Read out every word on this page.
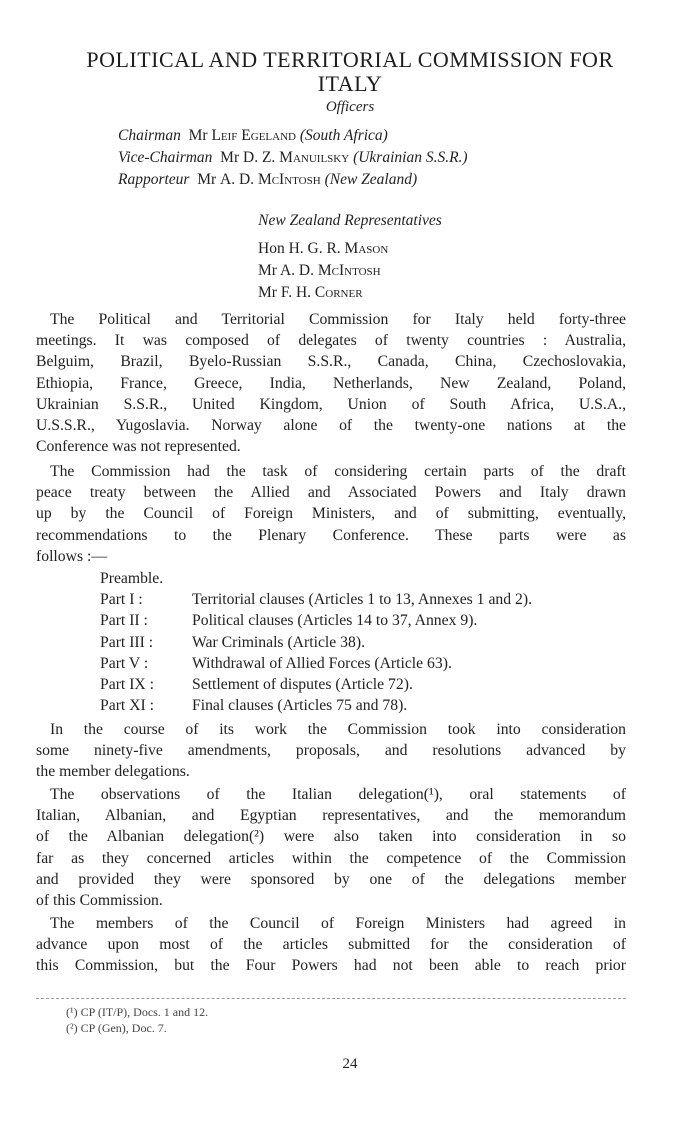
POLITICAL AND TERRITORIAL COMMISSION FOR
ITALY
Officers
Chairman Mr Leif Egeland (South Africa)
Vice-Chairman Mr D. Z. Manuilsky (Ukrainian S.S.R.)
Rapporteur Mr A. D. McIntosh (New Zealand)
New Zealand Representatives
Hon H. G. R. Mason
Mr A. D. McIntosh
Mr F. H. Corner
The Political and Territorial Commission for Italy held forty-three
meetings. It was composed of delegates of twenty countries : Australia,
Belguim, Brazil, Byelo-Russian S.S.R., Canada, China, Czechoslovakia,
Ethiopia, France, Greece, India, Netherlands, New Zealand, Poland,
Ukrainian S.S.R., United Kingdom, Union of South Africa, U.S.A.,
U.S.S.R., Yugoslavia. Norway alone of the twenty-one nations at the
Conference was not represented.
The Commission had the task of considering certain parts of the draft
peace treaty between the Allied and Associated Powers and Italy drawn
up by the Council of Foreign Ministers, and of submitting, eventually,
recommendations to the Plenary Conference. These parts were as
follows :—
Preamble.
Part I :	Territorial clauses (Articles 1 to 13, Annexes 1 and 2).
Part II :	Political clauses (Articles 14 to 37, Annex 9).
Part III : War Criminals (Article 38).
Part V :	Withdrawal of Allied Forces (Article 63).
Part IX : Settlement of disputes (Article 72).
Part XI : Final clauses (Articles 75 and 78).
In the course of its work the Commission took into consideration
some ninety-five amendments, proposals, and resolutions advanced by
the member delegations.
The observations of the Italian delegation(¹), oral statements of
Italian, Albanian, and Egyptian representatives, and the memorandum
of the Albanian delegation(²) were also taken into consideration in so
far as they concerned articles within the competence of the Commission
and provided they were sponsored by one of the delegations member
of this Commission.
The members of the Council of Foreign Ministers had agreed in
advance upon most of the articles submitted for the consideration of
this Commission, but the Four Powers had not been able to reach prior
(¹) CP (IT/P), Docs. 1 and 12.
(²) CP (Gen), Doc. 7.
24
